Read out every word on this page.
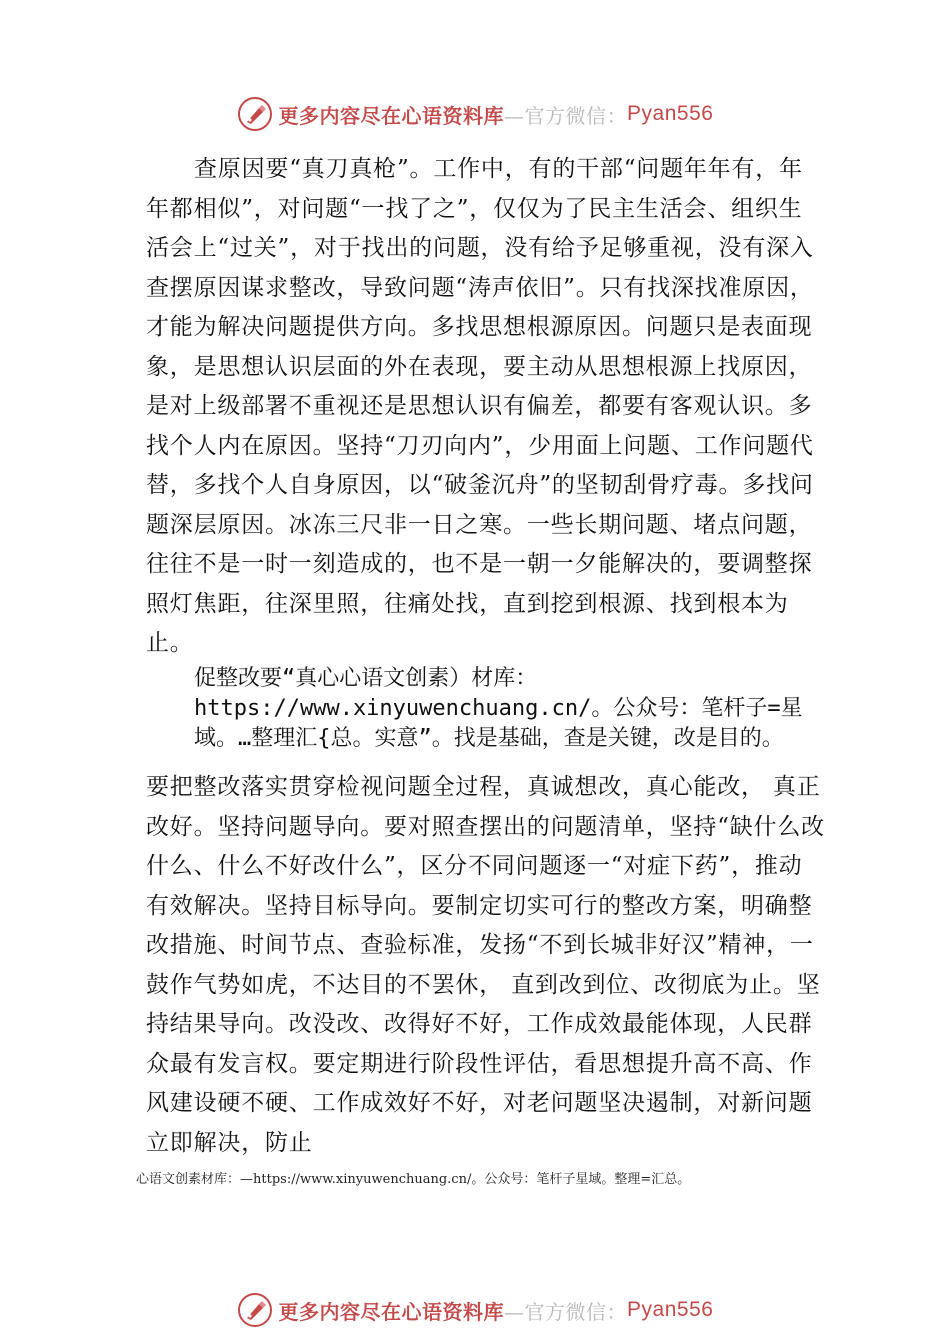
更多内容尽在心语资料库 —官方微信： Pyan556

查原因要“真刀真枪”。工作中，有的干部“问题年年有，年年都相似”，对问题“一找了之”，仅仅为了民主生活会、组织生活会上“过关”，对于找出的问题，没有给予足够重视，没有深入查摆原因谋求整改，导致问题“涛声依旧”。只有找深找准原因，才能为解决问题提供方向。多找思想根源原因。问题只是表面现象，是思想认识层面的外在表现，要主动从思想根源上找原因，是对上级部署不重视还是思想认识有偏差，都要有客观认识。多找个人内在原因。坚持“刀刃向内”，少用面上问题、工作问题代替，多找个人自身原因，以“破釜沉舟”的坚韧刮骨疗毒。多找问题深层原因。冰冻三尺非一日之寒。一些长期问题、堵点问题，往往不是一时一刻造成的，也不是一朝一夕能解决的，要调整探照灯焦距，往深里照，往痛处找，直到挖到根源、找到根本为止。

促整改要“真心心语文创素）材库：https://www.xinyuwenchuang.cn/。公众号：笔杆子=星域。…整理汇{总。实意”。找是基础，查是关键，改是目的。

要把整改落实贯穿检视问题全过程，真诚想改，真心能改， 真正改好。坚持问题导向。要对照查摆出的问题清单，坚持“缺什么改什么、什么不好改什么”，区分不同问题逐一“对症下药”，推动有效解决。坚持目标导向。要制定切实可行的整改方案，明确整改措施、时间节点、查验标准，发扬“不到长城非好汉”精神，一鼓作气势如虎，不达目的不罢休， 直到改到位、改彻底为止。坚持结果导向。改没改、改得好不好，工作成效最能体现，人民群众最有发言权。要定期进行阶段性评估，看思想提升高不高、作风建设硬不硬、工作成效好不好，对老问题坚决遏制，对新问题立即解决，防止

心语文创素材库：—https://www.xinyuwenchuang.cn/。公众号：笔杆子星域。整理=汇总。
更多内容尽在心语资料库 —官方微信： Pyan556
